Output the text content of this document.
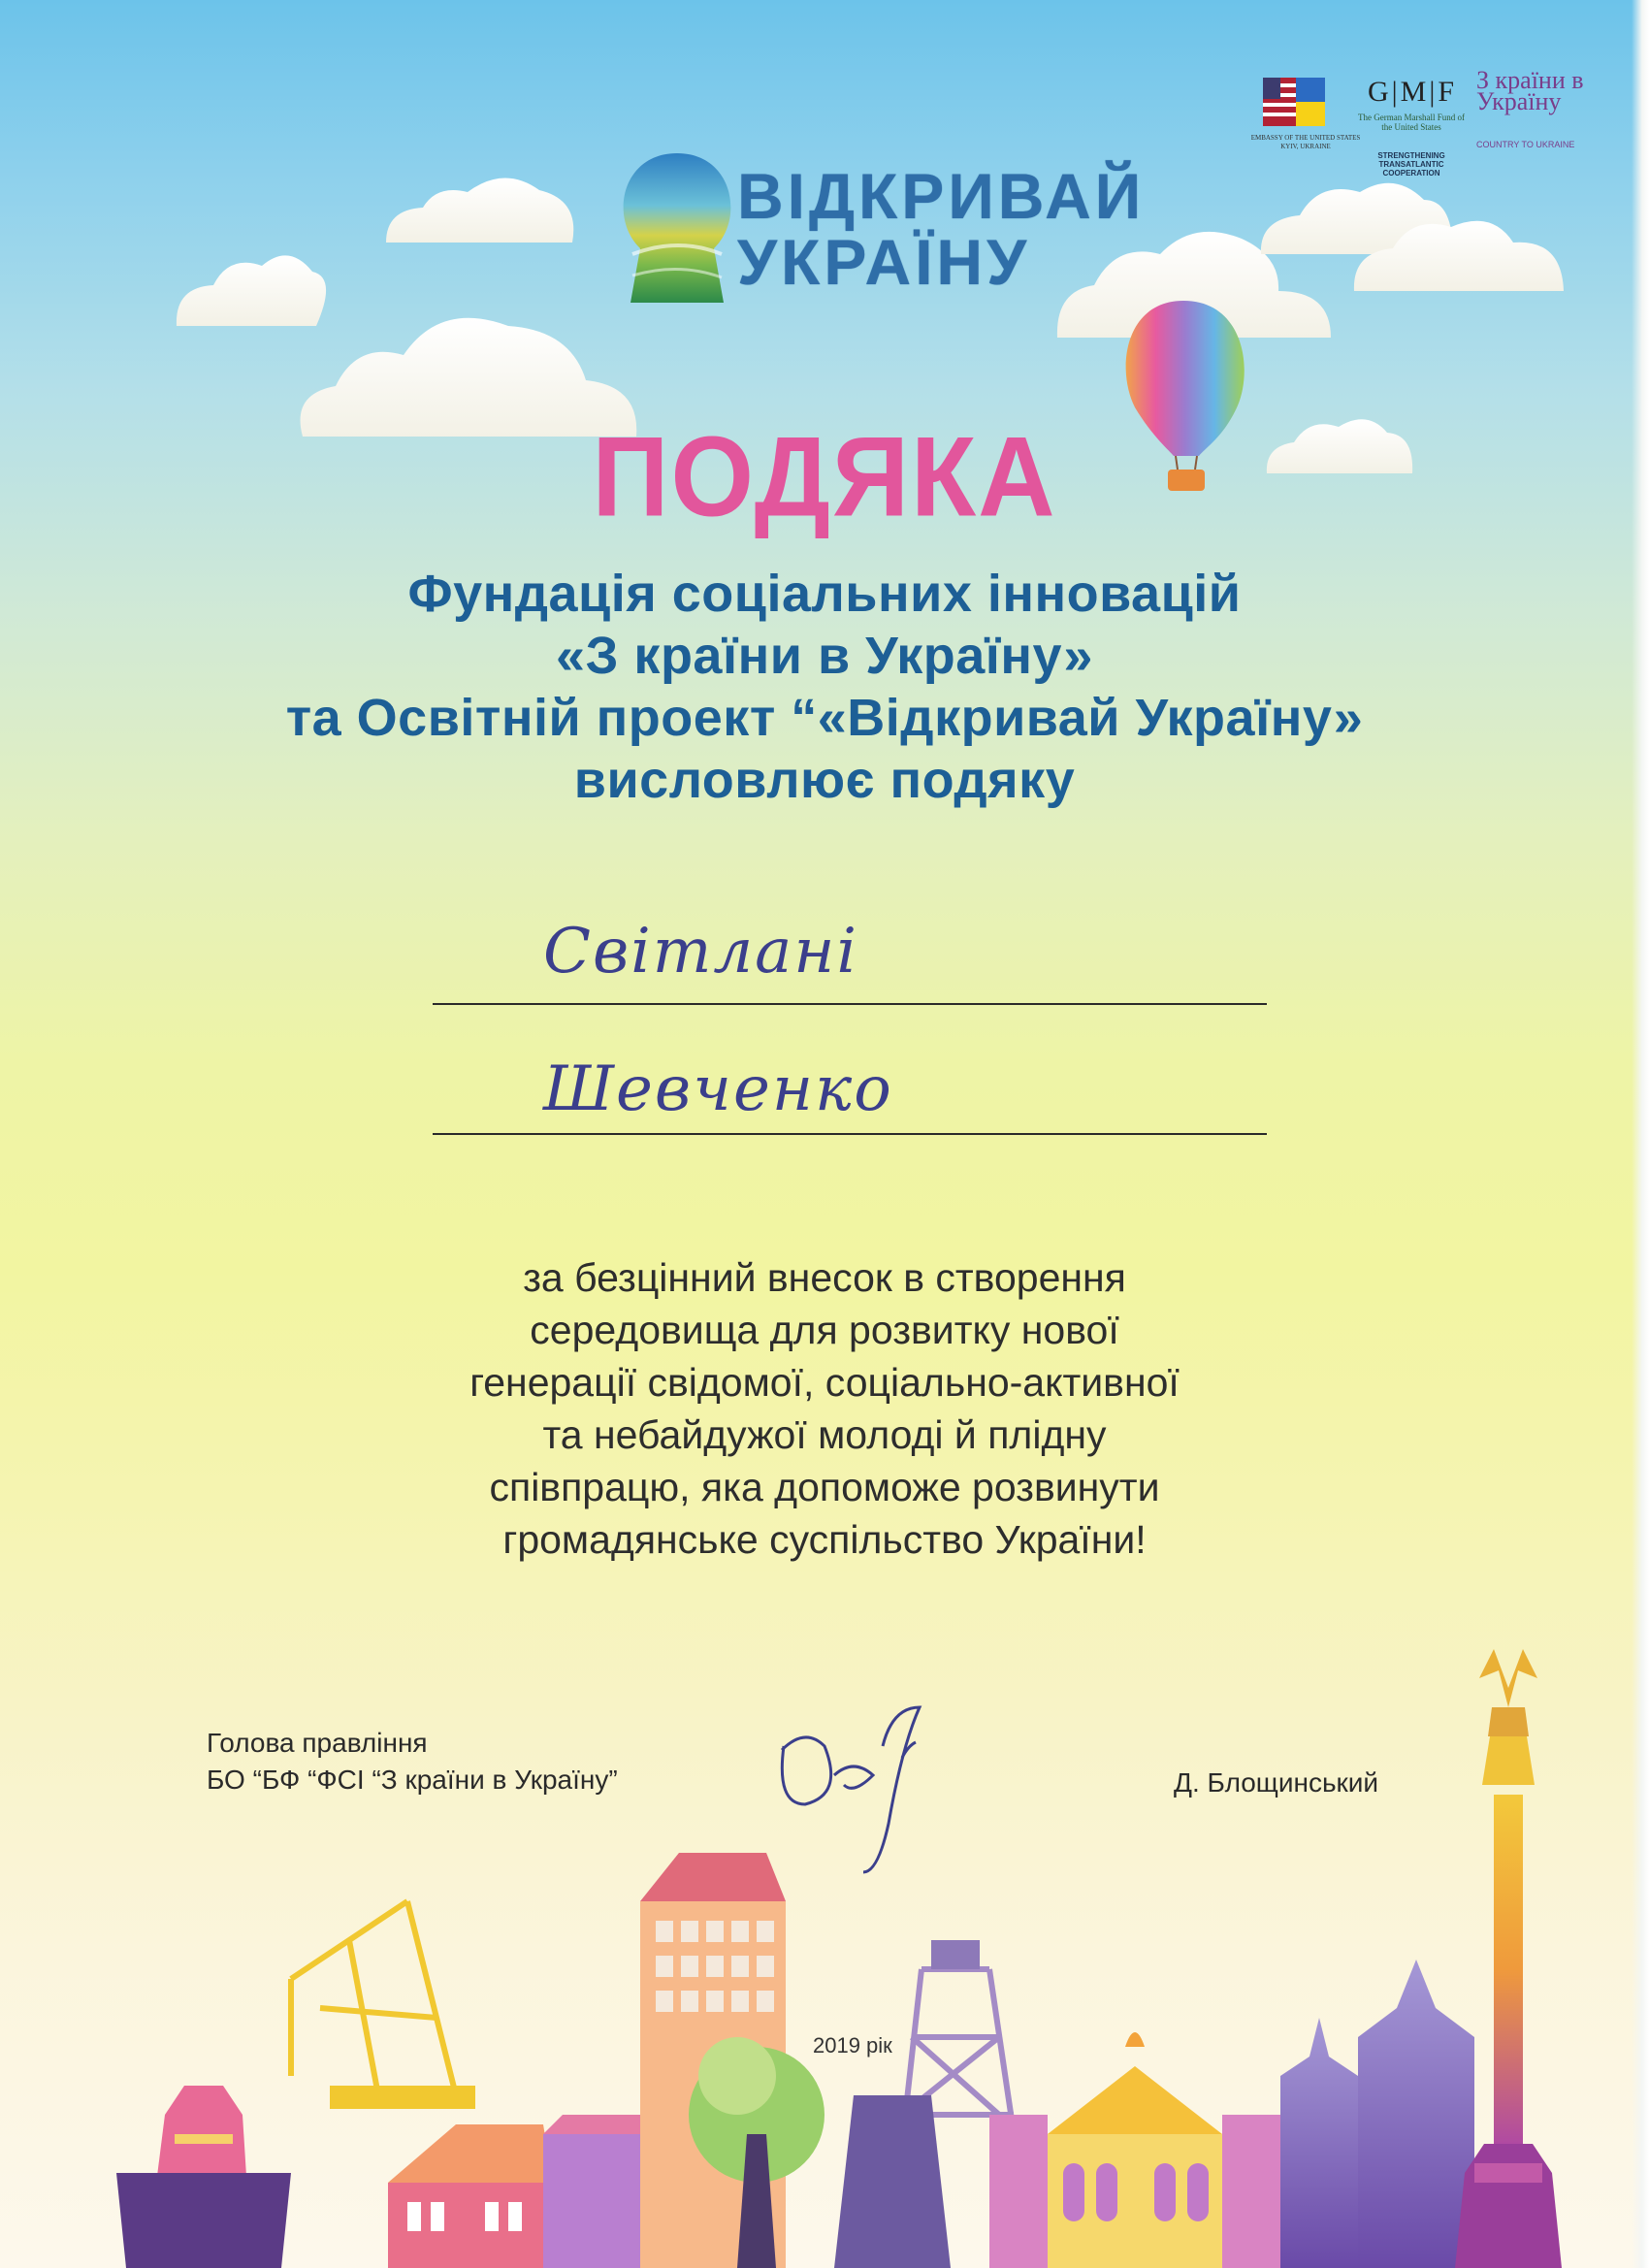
ВІДКРИВАЙ
УКРАЇНУ
EMBASSY OF THE UNITED STATES KYIV, UKRAINE
G|M|F
The German Marshall Fund of the United States
STRENGTHENING TRANSATLANTIC COOPERATION
З країни в Україну
COUNTRY TO UKRAINE
ПОДЯКА
Фундація соціальних інновацій
«З країни в Україну»
та Освітній проект “«Відкривай Україну»
висловлює подяку
Світлані
Шевченко
за безцінний внесок в створення
середовища для розвитку нової
генерації свідомої, соціально-активної
та небайдужої молоді й плідну
співпрацю, яка допоможе розвинути
громадянське суспільство України!
Голова правління
БО “БФ “ФСІ “З країни в Україну”	Д. Блощинський
2019 рік
